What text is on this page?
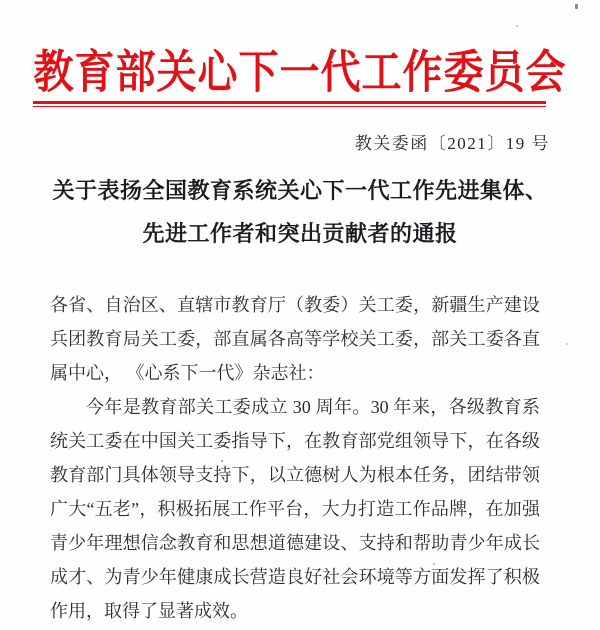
教育部关心下一代工作委员会
教关委函〔2021〕19 号
关于表扬全国教育系统关心下一代工作先进集体、
先进工作者和突出贡献者的通报

各省、自治区、直辖市教育厅（教委）关工委，新疆生产建设兵团教育局关工委，部直属各高等学校关工委，部关工委各直属中心， 《心系下一代》杂志社：

今年是教育部关工委成立 30 周年。30 年来，各级教育系统关工委在中国关工委指导下，在教育部党组领导下，在各级教育部门具体领导支持下，以立德树人为根本任务，团结带领广大“五老”，积极拓展工作平台，大力打造工作品牌，在加强青少年理想信念教育和思想道德建设、支持和帮助青少年成长成才、为青少年健康成长营造良好社会环境等方面发挥了积极作用，取得了显著成效。
